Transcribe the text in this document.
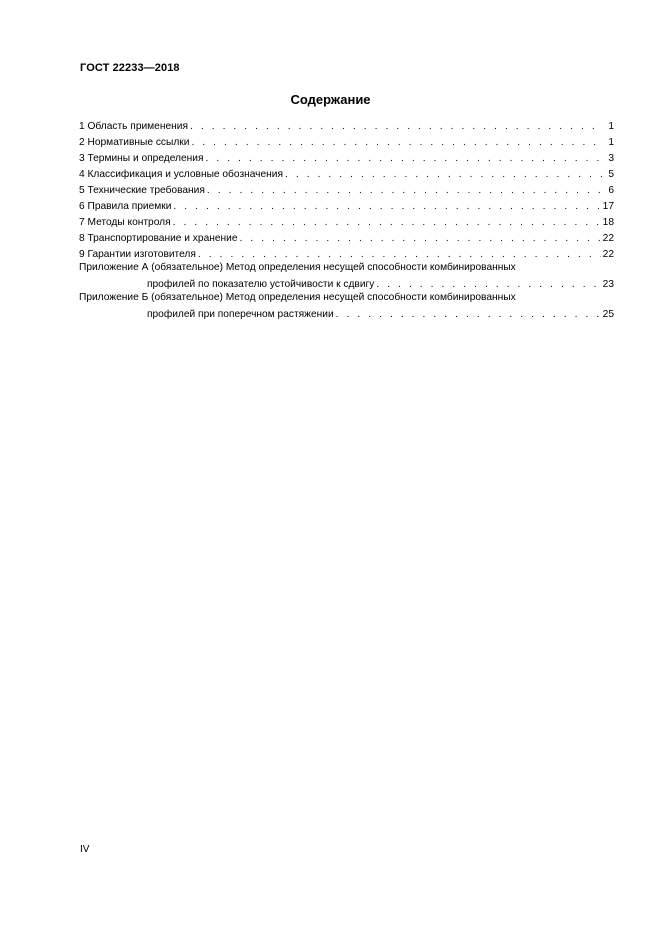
ГОСТ 22233—2018
Содержание
1 Область применения . . .	1
2 Нормативные ссылки . . .	1
3 Термины и определения . . .	3
4 Классификация и условные обозначения . . .	5
5 Технические требования . . .	6
6 Правила приемки . . .	17
7 Методы контроля . . .	18
8 Транспортирование и хранение . . .	22
9 Гарантии изготовителя . . .	22
Приложение А (обязательное) Метод определения несущей способности комбинированных
профилей по показателю устойчивости к сдвигу . . .	23
Приложение Б (обязательное) Метод определения несущей способности комбинированных
профилей при поперечном растяжении . . .	25
IV
